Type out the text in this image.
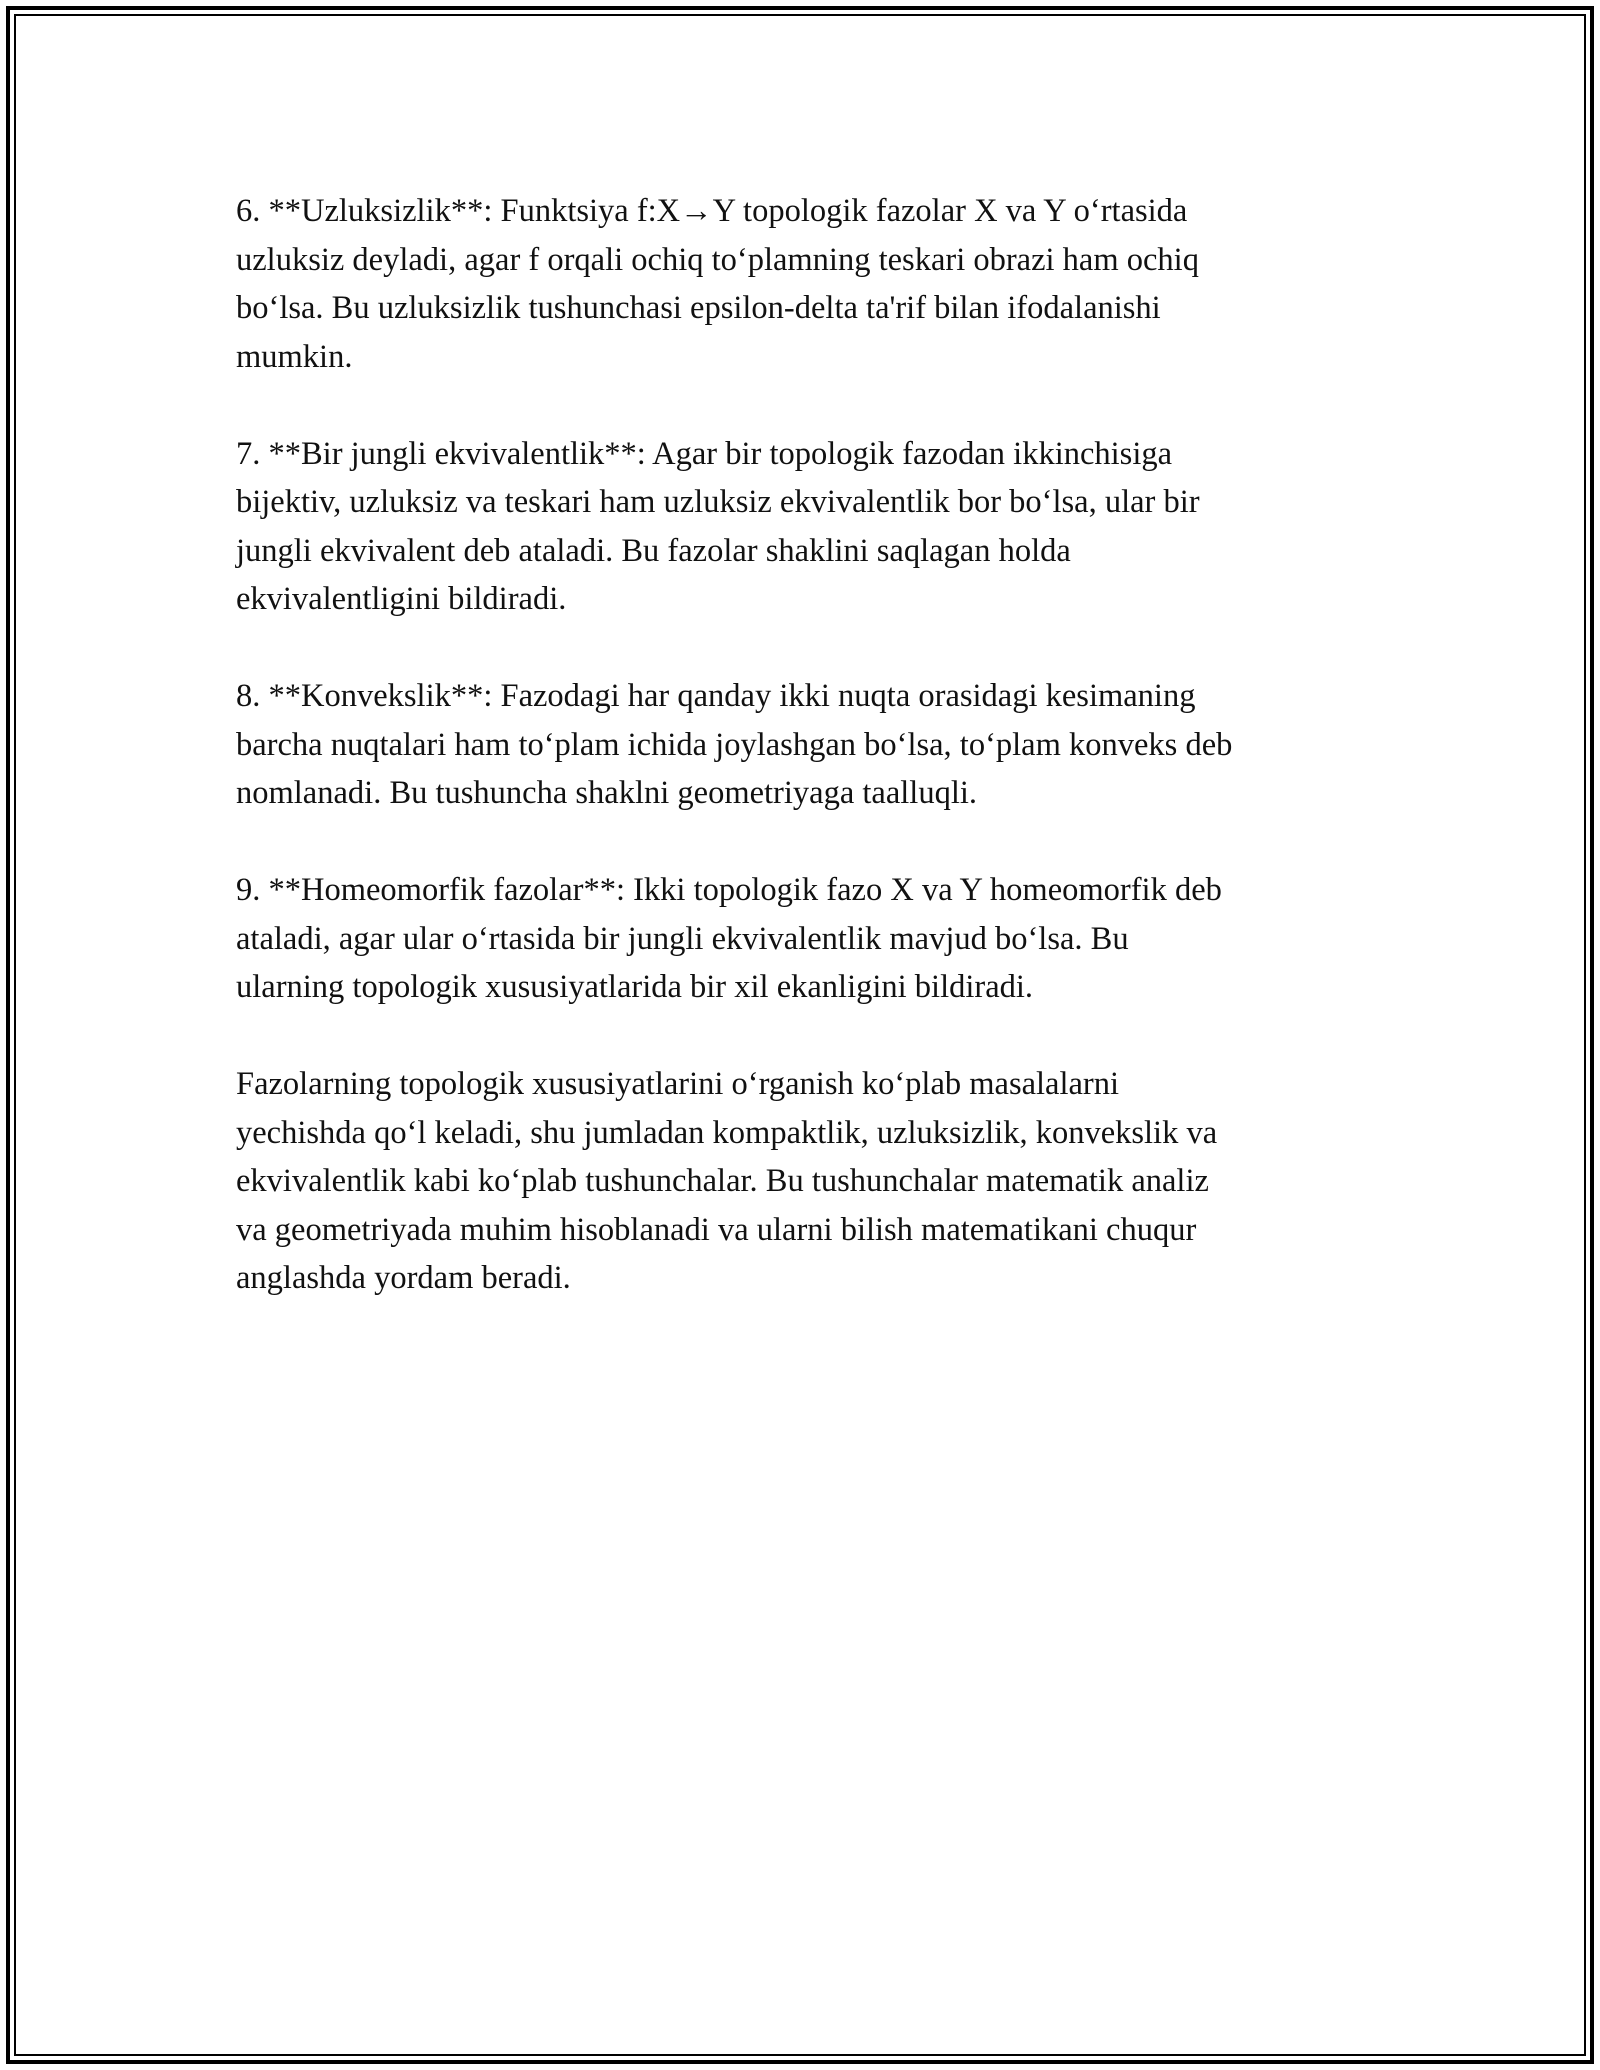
6. **Uzluksizlik**: Funktsiya f:X→Y topologik fazolar X va Y o‘rtasida
uzluksiz deyladi, agar f orqali ochiq to‘plamning teskari obrazi ham ochiq
bo‘lsa. Bu uzluksizlik tushunchasi epsilon-delta ta'rif bilan ifodalanishi
mumkin.

7. **Bir jungli ekvivalentlik**: Agar bir topologik fazodan ikkinchisiga
bijektiv, uzluksiz va teskari ham uzluksiz ekvivalentlik bor bo‘lsa, ular bir
jungli ekvivalent deb ataladi. Bu fazolar shaklini saqlagan holda
ekvivalentligini bildiradi.

8. **Konvekslik**: Fazodagi har qanday ikki nuqta orasidagi kesimaning
barcha nuqtalari ham to‘plam ichida joylashgan bo‘lsa, to‘plam konveks deb
nomlanadi. Bu tushuncha shaklni geometriyaga taalluqli.

9. **Homeomorfik fazolar**: Ikki topologik fazo X va Y homeomorfik deb
ataladi, agar ular o‘rtasida bir jungli ekvivalentlik mavjud bo‘lsa. Bu
ularning topologik xususiyatlarida bir xil ekanligini bildiradi.

Fazolarning topologik xususiyatlarini o‘rganish ko‘plab masalalarni
yechishda qo‘l keladi, shu jumladan kompaktlik, uzluksizlik, konvekslik va
ekvivalentlik kabi ko‘plab tushunchalar. Bu tushunchalar matematik analiz
va geometriyada muhim hisoblanadi va ularni bilish matematikani chuqur
anglashda yordam beradi.
